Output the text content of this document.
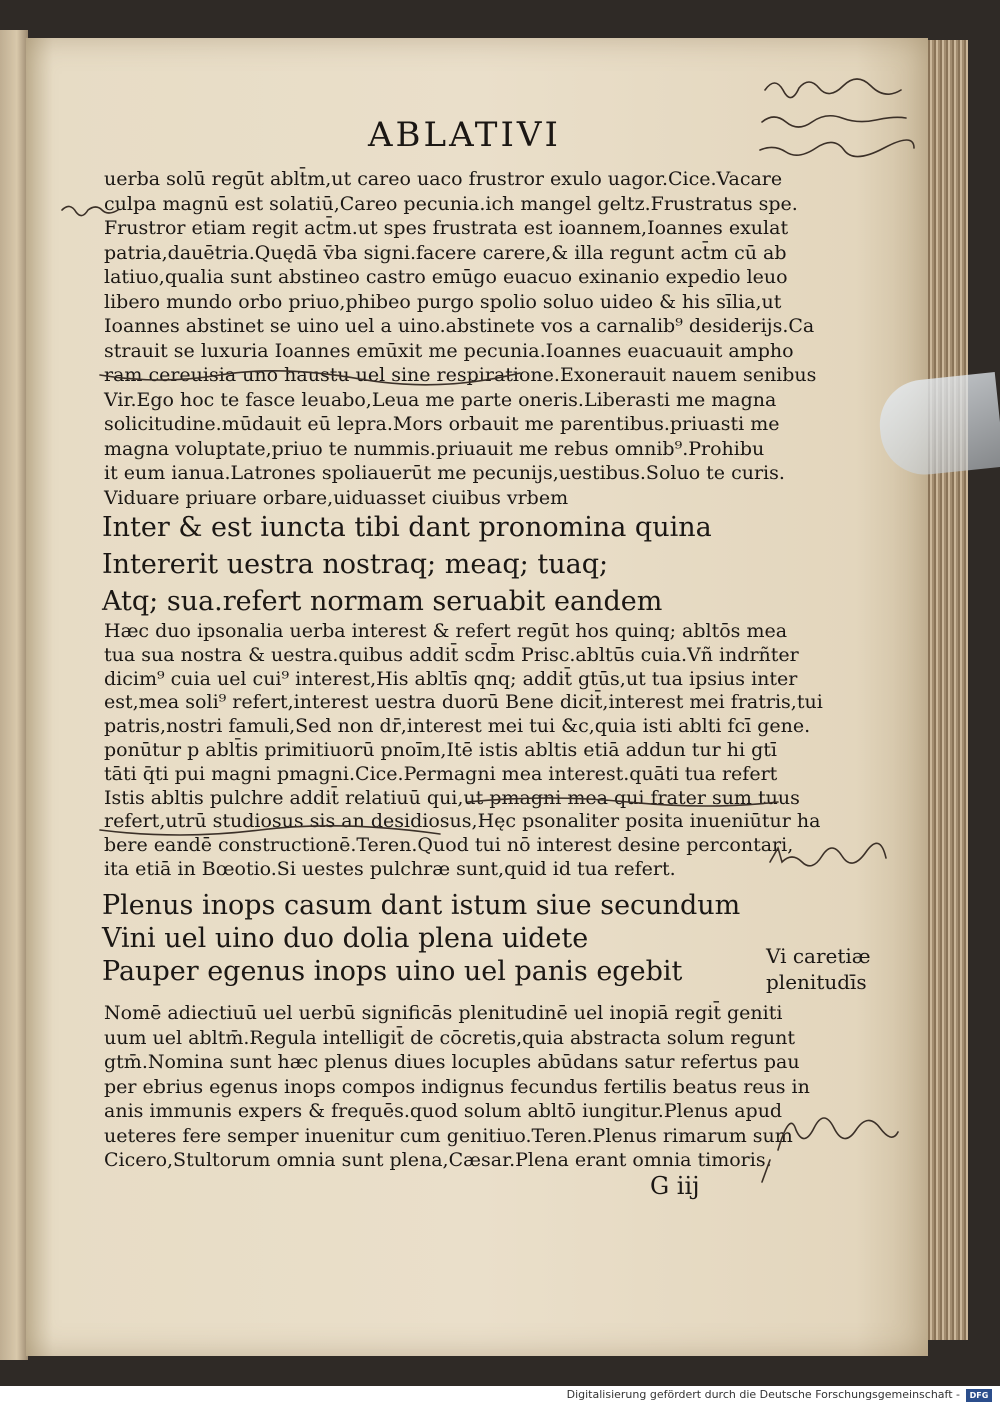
ABLATIVI
uerba solū regūt ablt̄m,ut careo uaco frustror exulo uagor.Cice.Vacare
culpa magnū est solatiū,Careo pecunia.ich mangel geltz.Frustratus spe.
Frustror etiam regit act̄m.ut spes frustrata est ioannem,Ioannes exulat
patria,dauētria.Quędā v̄ba signi.facere carere,& illa regunt act̄m cū ab
latiuo,qualia sunt abstineo castro emūgo euacuo exinanio expedio leuo
libero mundo orbo priuo,phibeo purgo spolio soluo uideo & his sīlia,ut
Ioannes abstinet se uino uel a uino.abstinete vos a carnalib⁹ desiderijs.Ca
strauit se luxuria Ioannes emūxit me pecunia.Ioannes euacuauit ampho
ram cereuisia uno haustu uel sine respiratione.Exonerauit nauem senibus
Vir.Ego hoc te fasce leuabo,Leua me parte oneris.Liberasti me magna
solicitudine.mūdauit eū lepra.Mors orbauit me parentibus.priuasti me
magna voluptate,priuo te nummis.priuauit me rebus omnib⁹.Prohibu
it eum ianua.Latrones spoliauerūt me pecunijs,uestibus.Soluo te curis.
Viduare priuare orbare,uiduasset ciuibus vrbem
Inter & est iuncta tibi dant pronomina quina
Intererit uestra nostraq; meaq; tuaq;
Atq; sua.refert normam seruabit eandem
Hæc duo ipsonalia uerba interest & refert regūt hos quinq; abltōs mea
tua sua nostra & uestra.quibus addit̄ scd̄m Prisc.abltūs cuia.Vñ indrñter
dicim⁹ cuia uel cui⁹ interest,His abltīs qnq; addit̄ gtūs,ut tua ipsius inter
est,mea soli⁹ refert,interest uestra duorū Bene dicit̄,interest mei fratris,tui
patris,nostri famuli,Sed non dr̄,interest mei tui &c,quia isti ablti fcī gene.
ponūtur p ablt̄is primitiuorū pnoīm,Itē istis abltis etiā addun tur hi gtī
tāti q̄ti pui magni pmagni.Cice.Permagni mea interest.quāti tua refert
Istis abltis pulchre addit̄ relatiuū qui,ut pmagni mea qui frater sum tuus
refert,utrū studiosus sis an desidiosus,Hęc psonaliter posita inueniūtur ha
bere eandē constructionē.Teren.Quod tui nō interest desine percontari,
ita etiā in Bœotio.Si uestes pulchræ sunt,quid id tua refert.
Plenus inops casum dant istum siue secundum
Vini uel uino duo dolia plena uidete
Pauper egenus inops uino uel panis egebit
Nomē adiectiuū uel uerbū significās plenitudinē uel inopiā regit̄ geniti
uum uel abltm̄.Regula intelligit̄ de cōcretis,quia abstracta solum regunt
gtm̄.Nomina sunt hæc plenus diues locuples abūdans satur refertus pau
per ebrius egenus inops compos indignus fecundus fertilis beatus reus in
anis immunis expers & frequēs.quod solum abltō iungitur.Plenus apud
ueteres fere semper inuenitur cum genitiuo.Teren.Plenus rimarum sum
Cicero,Stultorum omnia sunt plena,Cæsar.Plena erant omnia timoris.
Vi caretiæ
plenitudīs
G iij
Digitalisierung gefördert durch die Deutsche Forschungsgemeinschaft -	DFG
